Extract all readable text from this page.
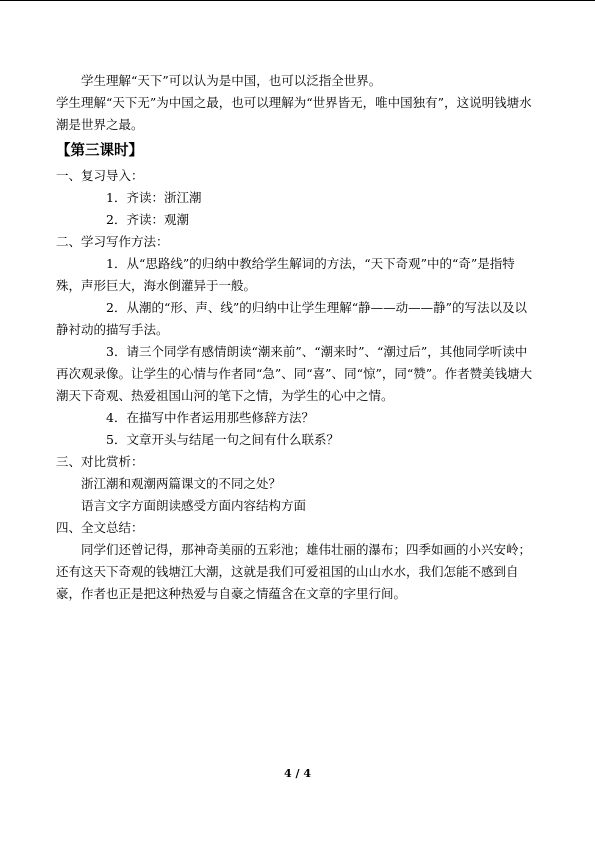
学生理解“天下”可以认为是中国，也可以泛指全世界。

学生理解“天下无”为中国之最，也可以理解为“世界皆无，唯中国独有”，这说明钱塘水潮是世界之最。

【第三课时】

一、复习导入：

1．齐读：浙江潮

2．齐读：观潮

二、学习写作方法：

1．从“思路线”的归纳中教给学生解词的方法，“天下奇观”中的“奇”是指特殊，声形巨大，海水倒灌异于一般。

2．从潮的“形、声、线”的归纳中让学生理解“静——动——静”的写法以及以静衬动的描写手法。

3．请三个同学有感情朗读“潮来前”、“潮来时”、“潮过后”，其他同学听读中再次观录像。让学生的心情与作者同“急”、同“喜”、同“惊”，同“赞”。作者赞美钱塘大潮天下奇观、热爱祖国山河的笔下之情，为学生的心中之情。

4．在描写中作者运用那些修辞方法？

5．文章开头与结尾一句之间有什么联系？

三、对比赏析：

浙江潮和观潮两篇课文的不同之处？

语言文字方面朗读感受方面内容结构方面

四、全文总结：

同学们还曾记得，那神奇美丽的五彩池；雄伟壮丽的瀑布；四季如画的小兴安岭；还有这天下奇观的钱塘江大潮，这就是我们可爱祖国的山山水水，我们怎能不感到自豪，作者也正是把这种热爱与自豪之情蕴含在文章的字里行间。

4 / 4
